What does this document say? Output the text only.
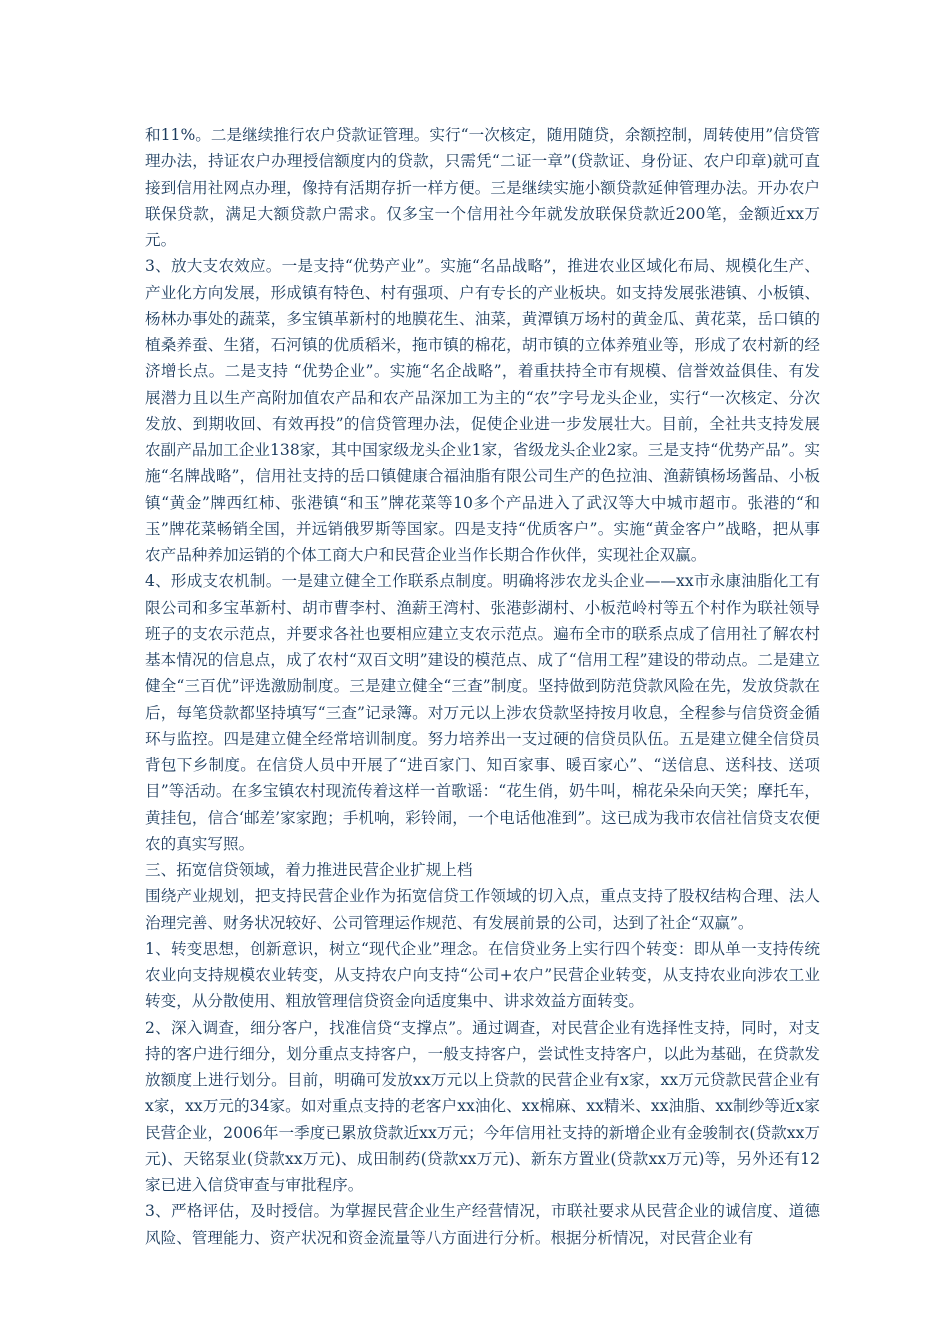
和11%。二是继续推行农户贷款证管理。实行“一次核定，随用随贷，余额控制，周转使用”信贷管理办法，持证农户办理授信额度内的贷款，只需凭“二证一章”(贷款证、身份证、农户印章)就可直接到信用社网点办理，像持有活期存折一样方便。三是继续实施小额贷款延伸管理办法。开办农户联保贷款，满足大额贷款户需求。仅多宝一个信用社今年就发放联保贷款近200笔，金额近xx万元。

3、放大支农效应。一是支持“优势产业”。实施“名品战略”，推进农业区域化布局、规模化生产、产业化方向发展，形成镇有特色、村有强项、户有专长的产业板块。如支持发展张港镇、小板镇、杨林办事处的蔬菜，多宝镇革新村的地膜花生、油菜，黄潭镇万场村的黄金瓜、黄花菜，岳口镇的植桑养蚕、生猪，石河镇的优质稻米，拖市镇的棉花，胡市镇的立体养殖业等，形成了农村新的经济增长点。二是支持 “优势企业”。实施“名企战略”，着重扶持全市有规模、信誉效益俱佳、有发展潜力且以生产高附加值农产品和农产品深加工为主的“农”字号龙头企业，实行“一次核定、分次发放、到期收回、有效再投”的信贷管理办法，促使企业进一步发展壮大。目前，全社共支持发展农副产品加工企业138家，其中国家级龙头企业1家，省级龙头企业2家。三是支持“优势产品”。实施“名牌战略”，信用社支持的岳口镇健康合福油脂有限公司生产的色拉油、渔薪镇杨场酱品、小板镇“黄金”牌西红柿、张港镇“和玉”牌花菜等10多个产品进入了武汉等大中城市超市。张港的“和玉”牌花菜畅销全国，并远销俄罗斯等国家。四是支持“优质客户”。实施“黄金客户”战略，把从事农产品种养加运销的个体工商大户和民营企业当作长期合作伙伴，实现社企双赢。

4、形成支农机制。一是建立健全工作联系点制度。明确将涉农龙头企业——xx市永康油脂化工有限公司和多宝革新村、胡市曹李村、渔薪王湾村、张港彭湖村、小板范岭村等五个村作为联社领导班子的支农示范点，并要求各社也要相应建立支农示范点。遍布全市的联系点成了信用社了解农村基本情况的信息点，成了农村“双百文明”建设的模范点、成了“信用工程”建设的带动点。二是建立健全“三百优”评选激励制度。三是建立健全“三查”制度。坚持做到防范贷款风险在先，发放贷款在后，每笔贷款都坚持填写“三查”记录簿。对万元以上涉农贷款坚持按月收息，全程参与信贷资金循环与监控。四是建立健全经常培训制度。努力培养出一支过硬的信贷员队伍。五是建立健全信贷员背包下乡制度。在信贷人员中开展了“进百家门、知百家事、暖百家心”、“送信息、送科技、送项目”等活动。在多宝镇农村现流传着这样一首歌谣：“花生俏，奶牛叫，棉花朵朵向天笑；摩托车，黄挂包，信合‘邮差’家家跑；手机响，彩铃闹，一个电话他准到”。这已成为我市农信社信贷支农便农的真实写照。

三、拓宽信贷领域，着力推进民营企业扩规上档

围绕产业规划，把支持民营企业作为拓宽信贷工作领域的切入点，重点支持了股权结构合理、法人治理完善、财务状况较好、公司管理运作规范、有发展前景的公司，达到了社企“双赢”。

1、转变思想，创新意识，树立“现代企业”理念。在信贷业务上实行四个转变：即从单一支持传统农业向支持规模农业转变，从支持农户向支持“公司+农户”民营企业转变，从支持农业向涉农工业转变，从分散使用、粗放管理信贷资金向适度集中、讲求效益方面转变。

2、深入调查，细分客户，找准信贷“支撑点”。通过调查，对民营企业有选择性支持，同时，对支持的客户进行细分，划分重点支持客户，一般支持客户，尝试性支持客户，以此为基础，在贷款发放额度上进行划分。目前，明确可发放xx万元以上贷款的民营企业有x家，xx万元贷款民营企业有x家，xx万元的34家。如对重点支持的老客户xx油化、xx棉麻、xx精米、xx油脂、xx制纱等近x家民营企业，2006年一季度已累放贷款近xx万元；今年信用社支持的新增企业有金骏制衣(贷款xx万元)、天铭泵业(贷款xx万元)、成田制药(贷款xx万元)、新东方置业(贷款xx万元)等，另外还有12家已进入信贷审查与审批程序。

3、严格评估，及时授信。为掌握民营企业生产经营情况，市联社要求从民营企业的诚信度、道德风险、管理能力、资产状况和资金流量等八方面进行分析。根据分析情况，对民营企业有
